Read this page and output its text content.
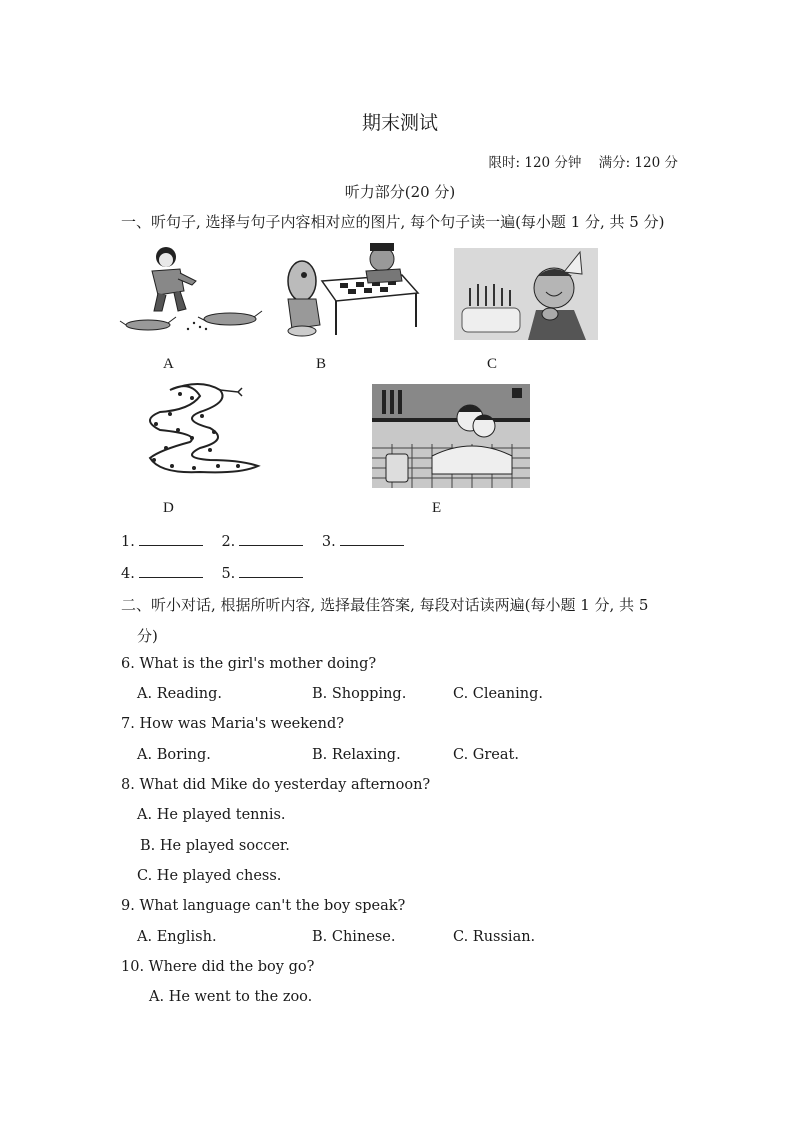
期末测试
限时: 120 分钟    满分: 120 分
听力部分(20 分)
一、听句子, 选择与句子内容相对应的图片, 每个句子读一遍(每小题 1 分, 共 5 分)
A	B	C
D	E
1.	2.	3.
4.	5.
二、听小对话, 根据所听内容, 选择最佳答案, 每段对话读两遍(每小题 1 分, 共 5
分)
6. What is the girl's mother doing?
A. Reading.	B. Shopping.	C. Cleaning.
7. How was Maria's weekend?
A. Boring.	B. Relaxing.	C. Great.
8. What did Mike do yesterday afternoon?
A. He played tennis.
B. He played soccer.
C. He played chess.
9. What language can't the boy speak?
A. English.	B. Chinese.	C. Russian.
10. Where did the boy go?
A. He went to the zoo.
